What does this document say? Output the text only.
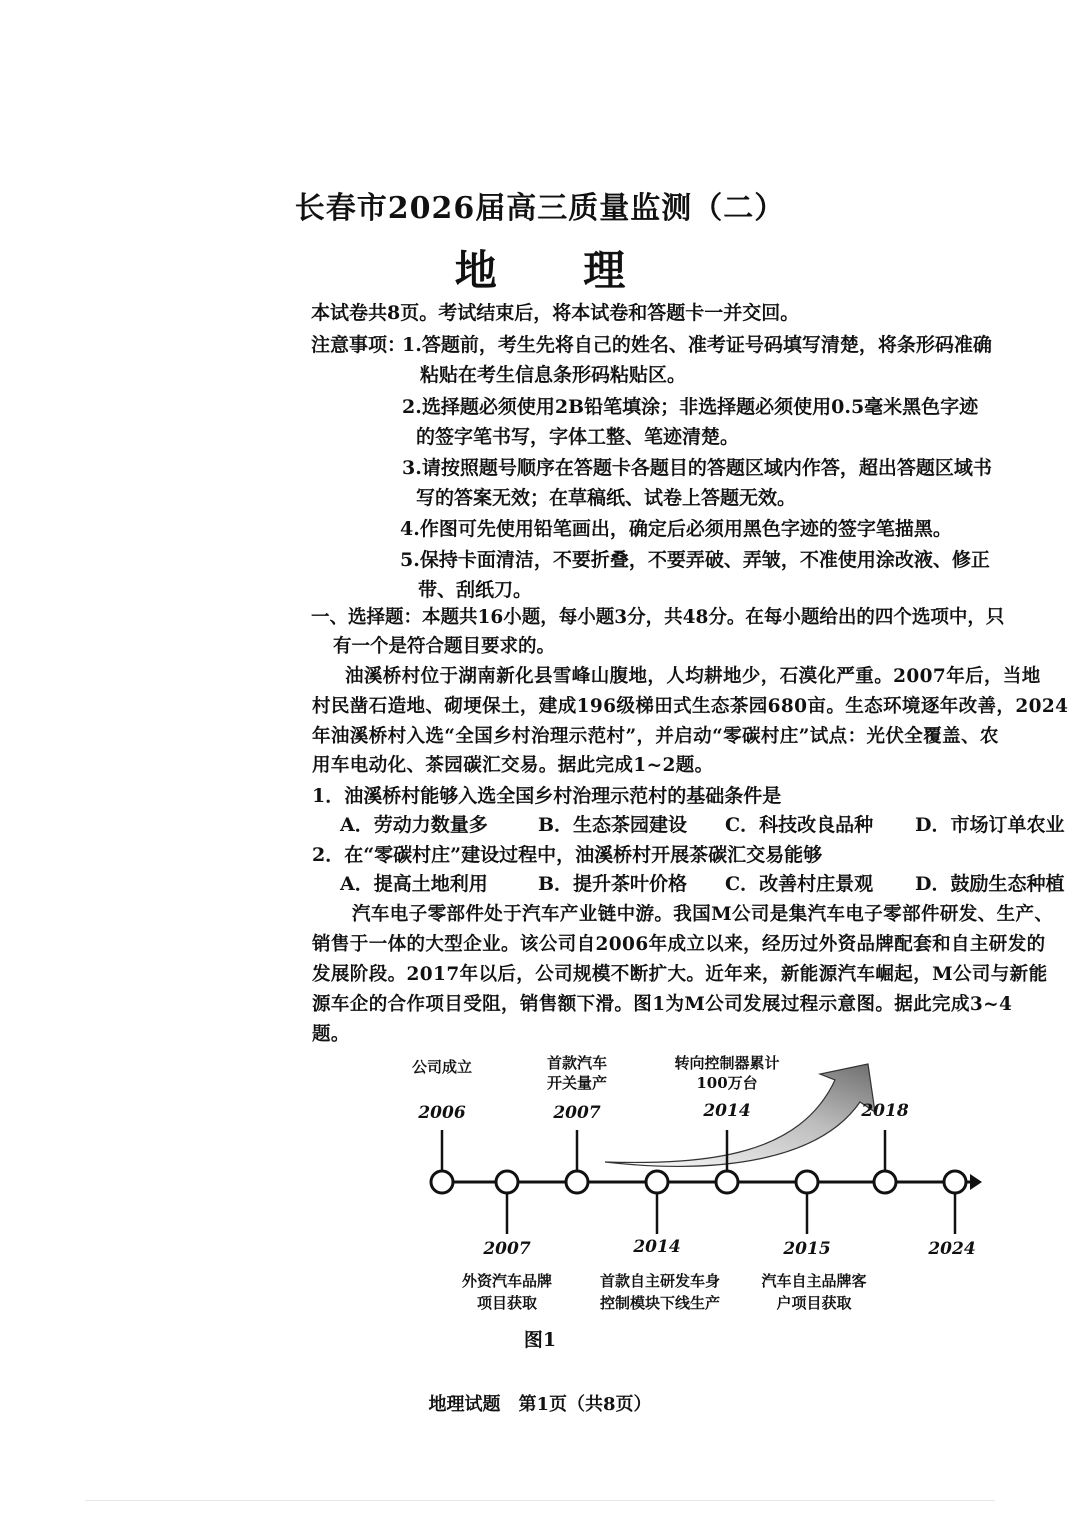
长春市2026届高三质量监测（二）
地 理
本试卷共8页。考试结束后，将本试卷和答题卡一并交回。
注意事项：
1.答题前，考生先将自己的姓名、准考证号码填写清楚，将条形码准确
粘贴在考生信息条形码粘贴区。
2.选择题必须使用2B铅笔填涂；非选择题必须使用0.5毫米黑色字迹
的签字笔书写，字体工整、笔迹清楚。
3.请按照题号顺序在答题卡各题目的答题区域内作答，超出答题区域书
写的答案无效；在草稿纸、试卷上答题无效。
4.作图可先使用铅笔画出，确定后必须用黑色字迹的签字笔描黑。
5.保持卡面清洁，不要折叠，不要弄破、弄皱，不准使用涂改液、修正
带、刮纸刀。
一、选择题：本题共16小题，每小题3分，共48分。在每小题给出的四个选项中，只
有一个是符合题目要求的。
油溪桥村位于湖南新化县雪峰山腹地，人均耕地少，石漠化严重。2007年后，当地
村民凿石造地、砌埂保土，建成196级梯田式生态茶园680亩。生态环境逐年改善，2024
年油溪桥村入选“全国乡村治理示范村”，并启动“零碳村庄”试点：光伏全覆盖、农
用车电动化、茶园碳汇交易。据此完成1~2题。
1．油溪桥村能够入选全国乡村治理示范村的基础条件是
A．劳动力数量多	B．生态茶园建设 C．科技改良品种 D．市场订单农业
2．在“零碳村庄”建设过程中，油溪桥村开展茶碳汇交易能够
A．提高土地利用	B．提升茶叶价格 C．改善村庄景观 D．鼓励生态种植
汽车电子零部件处于汽车产业链中游。我国M公司是集汽车电子零部件研发、生产、
销售于一体的大型企业。该公司自2006年成立以来，经历过外资品牌配套和自主研发的
发展阶段。2017年以后，公司规模不断扩大。近年来，新能源汽车崛起，M公司与新能
源车企的合作项目受阻，销售额下滑。图1为M公司发展过程示意图。据此完成3~4
题。
公司成立
2006
首款汽车
开关量产
2007
转向控制器累计
100万台
2014	2018
2007
外资汽车品牌
项目获取
2014
首款自主研发车身
控制模块下线生产
2015
汽车自主品牌客
户项目获取
2024
图1
地理试题　第1页（共8页）
